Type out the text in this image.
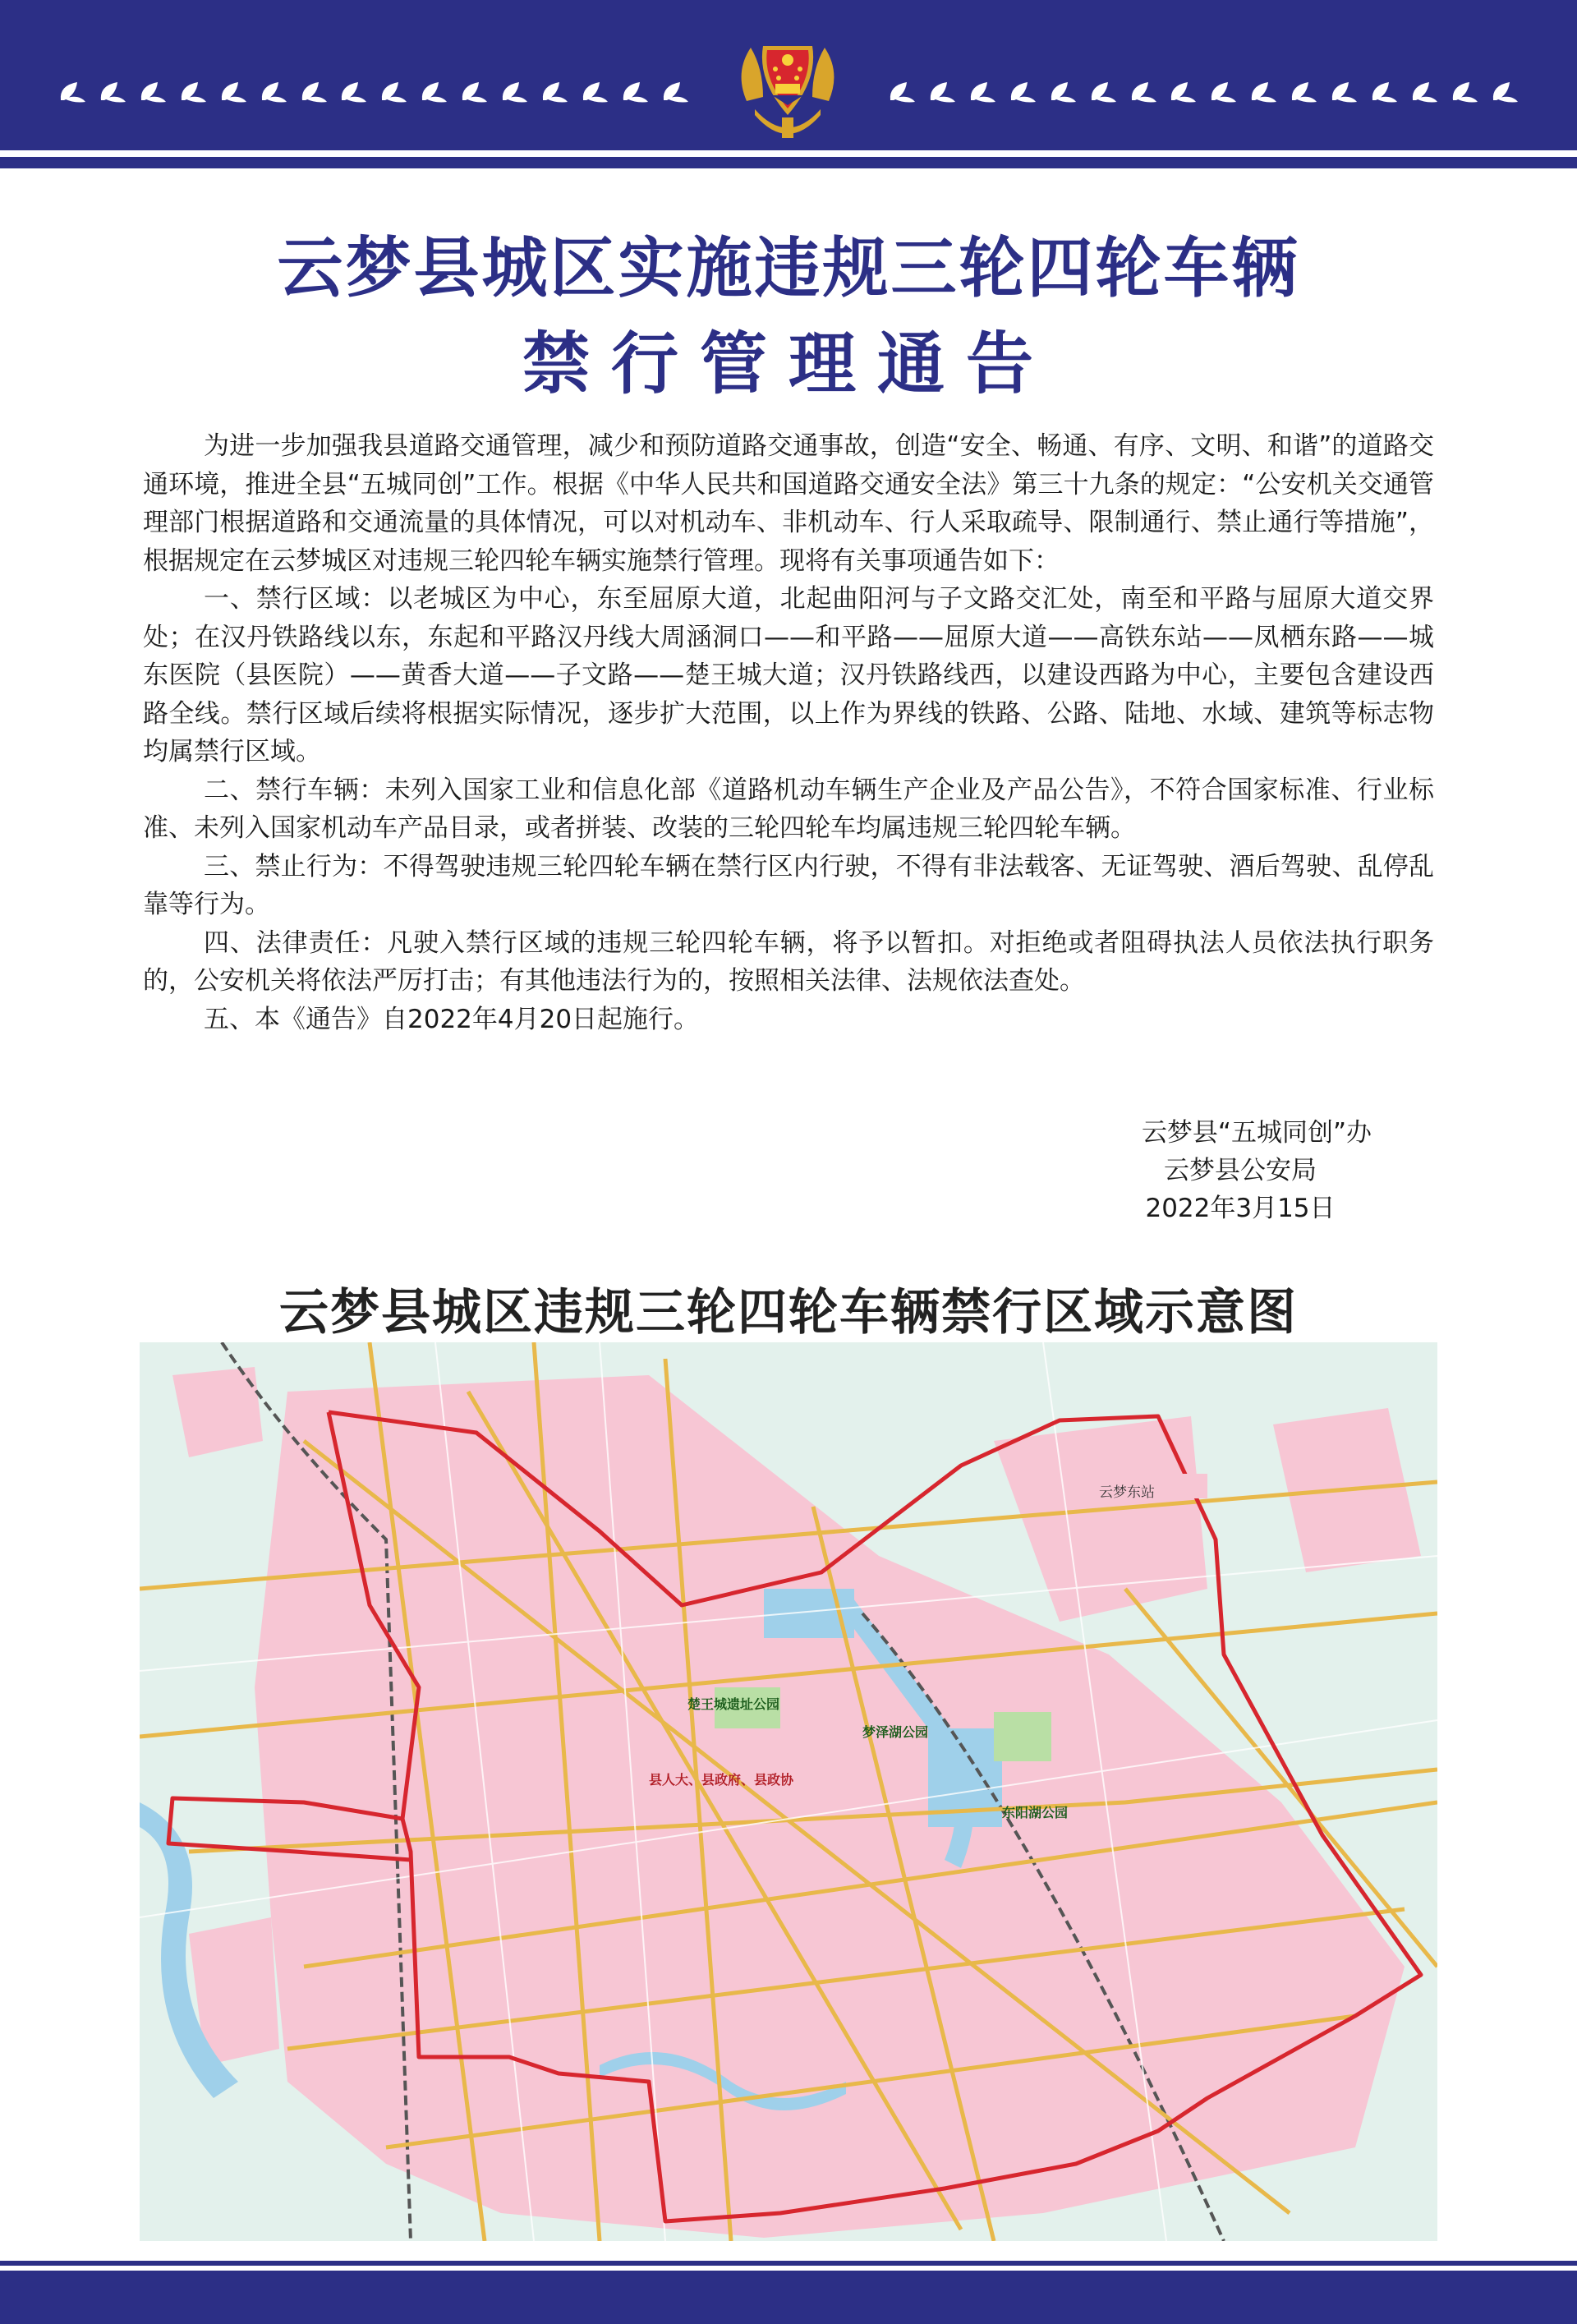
云梦县城区实施违规三轮四轮车辆
禁行管理通告

为进一步加强我县道路交通管理，减少和预防道路交通事故，创造“安全、畅通、有序、文明、和谐”的道路交通环境，推进全县“五城同创”工作。根据《中华人民共和国道路交通安全法》第三十九条的规定：“公安机关交通管理部门根据道路和交通流量的具体情况，可以对机动车、非机动车、行人采取疏导、限制通行、禁止通行等措施”，根据规定在云梦城区对违规三轮四轮车辆实施禁行管理。现将有关事项通告如下：

一、禁行区域：以老城区为中心，东至屈原大道，北起曲阳河与子文路交汇处，南至和平路与屈原大道交界处；在汉丹铁路线以东，东起和平路汉丹线大周涵洞口——和平路——屈原大道——高铁东站——凤栖东路——城东医院（县医院）——黄香大道——子文路——楚王城大道；汉丹铁路线西，以建设西路为中心，主要包含建设西路全线。禁行区域后续将根据实际情况，逐步扩大范围，以上作为界线的铁路、公路、陆地、水域、建筑等标志物均属禁行区域。

二、禁行车辆：未列入国家工业和信息化部《道路机动车辆生产企业及产品公告》，不符合国家标准、行业标准、未列入国家机动车产品目录，或者拼装、改装的三轮四轮车均属违规三轮四轮车辆。

三、禁止行为：不得驾驶违规三轮四轮车辆在禁行区内行驶，不得有非法载客、无证驾驶、酒后驾驶、乱停乱靠等行为。

四、法律责任：凡驶入禁行区域的违规三轮四轮车辆，将予以暂扣。对拒绝或者阻碍执法人员依法执行职务的，公安机关将依法严厉打击；有其他违法行为的，按照相关法律、法规依法查处。

五、本《通告》自2022年4月20日起施行。

云梦县“五城同创”办
云梦县公安局
2022年3月15日
云梦县城区违规三轮四轮车辆禁行区域示意图
云梦东站
楚王城遗址公园
梦泽湖公园
东阳湖公园
县人大、县政府、县政协
